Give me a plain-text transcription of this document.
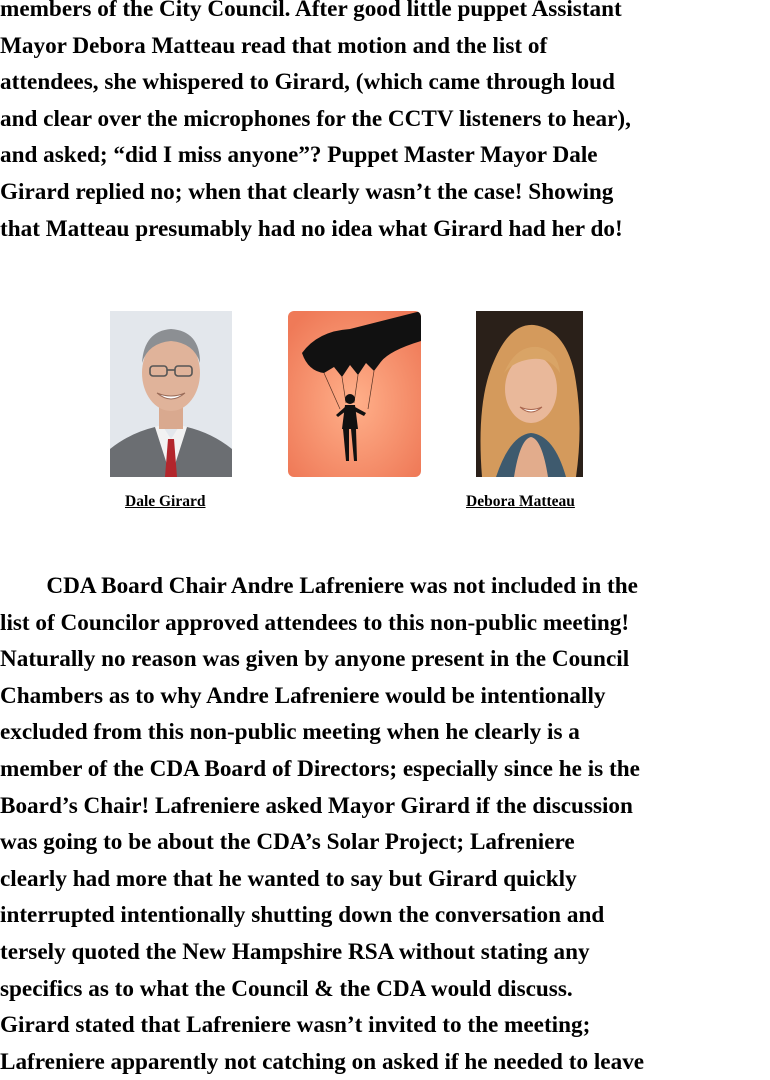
members of the City Council. After good little puppet Assistant
Mayor Debora Matteau read that motion and the list of
attendees, she whispered to Girard, (which came through loud
and clear over the microphones for the CCTV listeners to hear),
and asked; “did I miss anyone”? Puppet Master Mayor Dale
Girard replied no; when that clearly wasn’t the case! Showing
that Matteau presumably had no idea what Girard had her do!

Dale Girard	Debora Matteau

CDA Board Chair Andre Lafreniere was not included in the
list of Councilor approved attendees to this non-public meeting!
Naturally no reason was given by anyone present in the Council
Chambers as to why Andre Lafreniere would be intentionally
excluded from this non-public meeting when he clearly is a
member of the CDA Board of Directors; especially since he is the
Board’s Chair! Lafreniere asked Mayor Girard if the discussion
was going to be about the CDA’s Solar Project; Lafreniere
clearly had more that he wanted to say but Girard quickly
interrupted intentionally shutting down the conversation and
tersely quoted the New Hampshire RSA without stating any
specifics as to what the Council & the CDA would discuss.
Girard stated that Lafreniere wasn’t invited to the meeting;
Lafreniere apparently not catching on asked if he needed to leave
